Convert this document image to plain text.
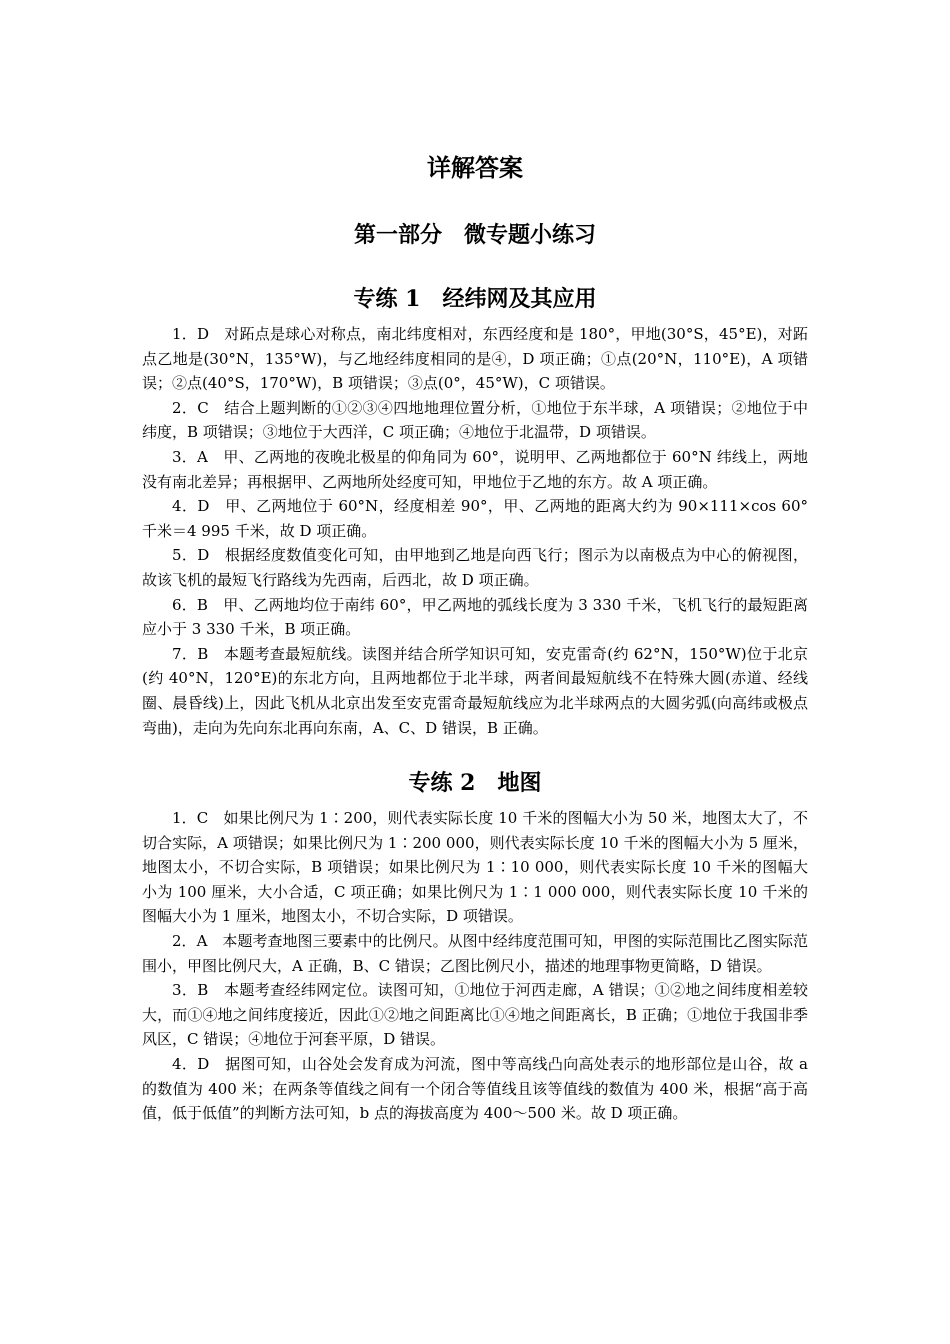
详解答案
第一部分　微专题小练习
专练 1　经纬网及其应用

1．D　对跖点是球心对称点，南北纬度相对，东西经度和是 180°，甲地(30°S，45°E)，对跖点乙地是(30°N，135°W)，与乙地经纬度相同的是④，D 项正确；①点(20°N，110°E)，A 项错误；②点(40°S，170°W)，B 项错误；③点(0°，45°W)，C 项错误。

2．C　结合上题判断的①②③④四地地理位置分析，①地位于东半球，A 项错误；②地位于中纬度，B 项错误；③地位于大西洋，C 项正确；④地位于北温带，D 项错误。

3．A　甲、乙两地的夜晚北极星的仰角同为 60°，说明甲、乙两地都位于 60°N 纬线上，两地没有南北差异；再根据甲、乙两地所处经度可知，甲地位于乙地的东方。故 A 项正确。

4．D　甲、乙两地位于 60°N，经度相差 90°，甲、乙两地的距离大约为 90×111×cos 60°千米＝4 995 千米，故 D 项正确。

5．D　根据经度数值变化可知，由甲地到乙地是向西飞行；图示为以南极点为中心的俯视图，故该飞机的最短飞行路线为先西南，后西北，故 D 项正确。

6．B　甲、乙两地均位于南纬 60°，甲乙两地的弧线长度为 3 330 千米，飞机飞行的最短距离应小于 3 330 千米，B 项正确。

7．B　本题考查最短航线。读图并结合所学知识可知，安克雷奇(约 62°N，150°W)位于北京(约 40°N，120°E)的东北方向，且两地都位于北半球，两者间最短航线不在特殊大圆(赤道、经线圈、晨昏线)上，因此飞机从北京出发至安克雷奇最短航线应为北半球两点的大圆劣弧(向高纬或极点弯曲)，走向为先向东北再向东南，A、C、D 错误，B 正确。

专练 2　地图

1．C　如果比例尺为 1∶200，则代表实际长度 10 千米的图幅大小为 50 米，地图太大了，不切合实际，A 项错误；如果比例尺为 1∶200 000，则代表实际长度 10 千米的图幅大小为 5 厘米，地图太小，不切合实际，B 项错误；如果比例尺为 1∶10 000，则代表实际长度 10 千米的图幅大小为 100 厘米，大小合适，C 项正确；如果比例尺为 1∶1 000 000，则代表实际长度 10 千米的图幅大小为 1 厘米，地图太小，不切合实际，D 项错误。

2．A　本题考查地图三要素中的比例尺。从图中经纬度范围可知，甲图的实际范围比乙图实际范围小，甲图比例尺大，A 正确，B、C 错误；乙图比例尺小，描述的地理事物更简略，D 错误。

3．B　本题考查经纬网定位。读图可知，①地位于河西走廊，A 错误；①②地之间纬度相差较大，而①④地之间纬度接近，因此①②地之间距离比①④地之间距离长，B 正确；①地位于我国非季风区，C 错误；④地位于河套平原，D 错误。

4．D　据图可知，山谷处会发育成为河流，图中等高线凸向高处表示的地形部位是山谷，故 a 的数值为 400 米；在两条等值线之间有一个闭合等值线且该等值线的数值为 400 米，根据“高于高值，低于低值”的判断方法可知，b 点的海拔高度为 400～500 米。故 D 项正确。
